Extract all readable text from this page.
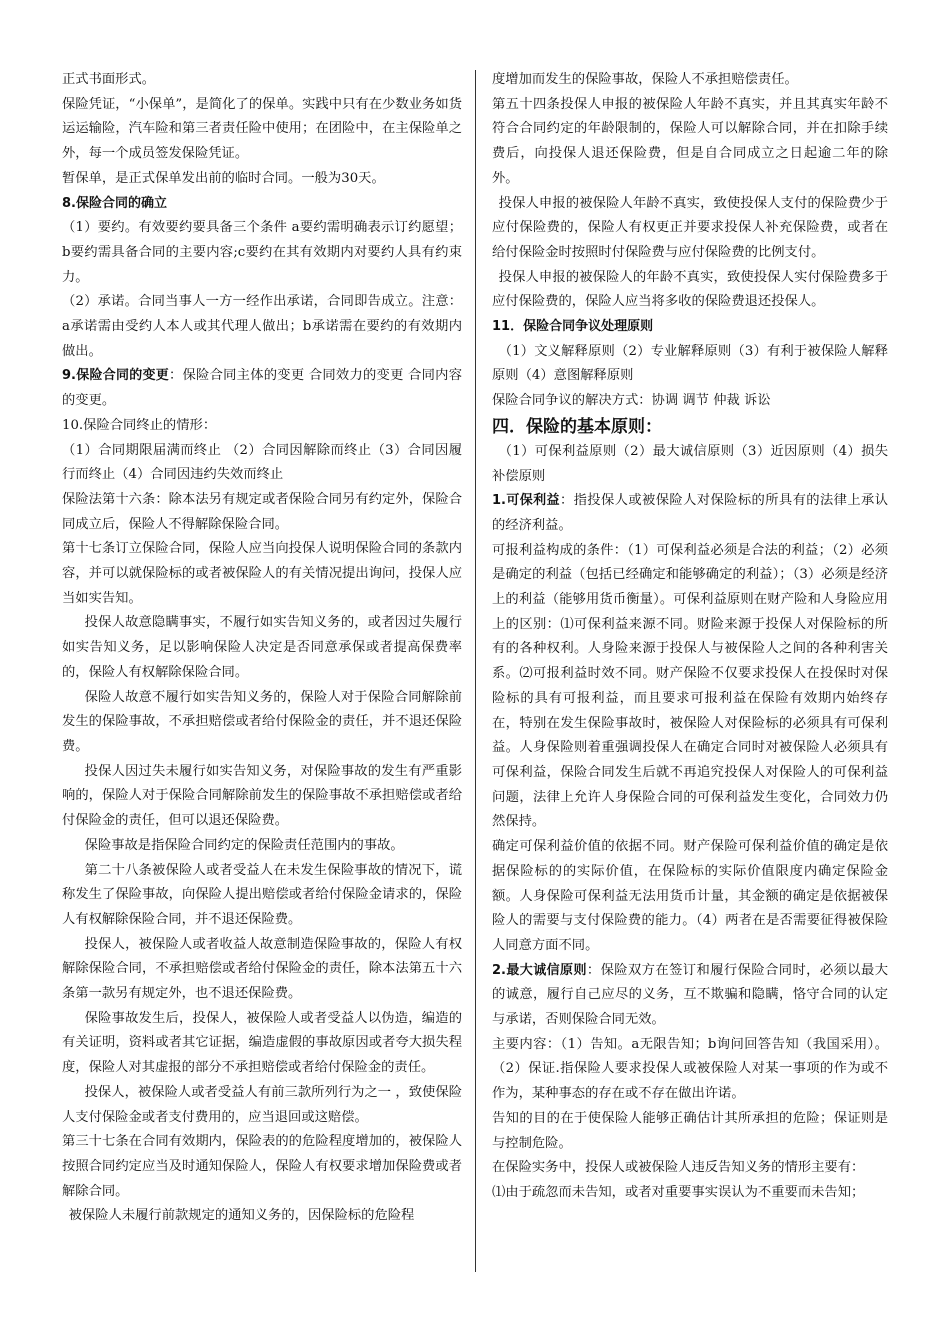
正式书面形式。

保险凭证，“小保单”，是简化了的保单。实践中只有在少数业务如货运运输险，汽车险和第三者责任险中使用；在团险中，在主保险单之外，每一个成员签发保险凭证。

暂保单，是正式保单发出前的临时合同。一般为30天。

8.保险合同的确立

（1）要约。有效要约要具备三个条件 a要约需明确表示订约愿望；b要约需具备合同的主要内容;c要约在其有效期内对要约人具有约束力。

（2）承诺。合同当事人一方一经作出承诺，合同即告成立。注意：a承诺需由受约人本人或其代理人做出；b承诺需在要约的有效期内做出。

9.保险合同的变更：保险合同主体的变更 合同效力的变更 合同内容的变更。

10.保险合同终止的情形：

（1）合同期限届满而终止 （2）合同因解除而终止（3）合同因履行而终止（4）合同因违约失效而终止

保险法第十六条：除本法另有规定或者保险合同另有约定外，保险合同成立后，保险人不得解除保险合同。

第十七条订立保险合同，保险人应当向投保人说明保险合同的条款内容，并可以就保险标的或者被保险人的有关情况提出询问，投保人应当如实告知。

投保人故意隐瞒事实，不履行如实告知义务的，或者因过失履行如实告知义务，足以影响保险人决定是否同意承保或者提高保费率的，保险人有权解除保险合同。

保险人故意不履行如实告知义务的，保险人对于保险合同解除前发生的保险事故，不承担赔偿或者给付保险金的责任，并不退还保险费。

投保人因过失未履行如实告知义务，对保险事故的发生有严重影响的，保险人对于保险合同解除前发生的保险事故不承担赔偿或者给付保险金的责任，但可以退还保险费。

保险事故是指保险合同约定的保险责任范围内的事故。

第二十八条被保险人或者受益人在未发生保险事故的情况下，谎称发生了保险事故，向保险人提出赔偿或者给付保险金请求的，保险人有权解除保险合同，并不退还保险费。

投保人，被保险人或者收益人故意制造保险事故的，保险人有权解除保险合同，不承担赔偿或者给付保险金的责任，除本法第五十六条第一款另有规定外，也不退还保险费。

保险事故发生后，投保人，被保险人或者受益人以伪造，编造的有关证明，资料或者其它证据，编造虚假的事故原因或者夸大损失程度，保险人对其虚报的部分不承担赔偿或者给付保险金的责任。

投保人，被保险人或者受益人有前三款所列行为之一 ，致使保险人支付保险金或者支付费用的，应当退回或这赔偿。

第三十七条在合同有效期内，保险表的的危险程度增加的，被保险人按照合同约定应当及时通知保险人，保险人有权要求增加保险费或者解除合同。

被保险人未履行前款规定的通知义务的，因保险标的危险程

度增加而发生的保险事故，保险人不承担赔偿责任。

第五十四条投保人申报的被保险人年龄不真实，并且其真实年龄不符合合同约定的年龄限制的，保险人可以解除合同，并在扣除手续费后，向投保人退还保险费，但是自合同成立之日起逾二年的除外。

投保人申报的被保险人年龄不真实，致使投保人支付的保险费少于应付保险费的，保险人有权更正并要求投保人补充保险费，或者在给付保险金时按照时付保险费与应付保险费的比例支付。

投保人申报的被保险人的年龄不真实，致使投保人实付保险费多于应付保险费的，保险人应当将多收的保险费退还投保人。

11．保险合同争议处理原则

（1）文义解释原则（2）专业解释原则（3）有利于被保险人解释原则（4）意图解释原则

保险合同争议的解决方式：协调 调节 仲裁 诉讼

四．保险的基本原则：

（1）可保利益原则（2）最大诚信原则（3）近因原则（4）损失补偿原则

1.可保利益：指投保人或被保险人对保险标的所具有的法律上承认的经济利益。

可报利益构成的条件：（1）可保利益必须是合法的利益；（2）必须是确定的利益（包括已经确定和能够确定的利益）；（3）必须是经济上的利益（能够用货币衡量）。可保利益原则在财产险和人身险应用上的区别：⑴可保利益来源不同。财险来源于投保人对保险标的所有的各种权利。人身险来源于投保人与被保险人之间的各种利害关系。⑵可报利益时效不同。财产保险不仅要求投保人在投保时对保险标的具有可报利益，而且要求可报利益在保险有效期内始终存在，特别在发生保险事故时，被保险人对保险标的必须具有可保利益。人身保险则着重强调投保人在确定合同时对被保险人必须具有可保利益，保险合同发生后就不再追究投保人对保险人的可保利益问题，法律上允许人身保险合同的可保利益发生变化，合同效力仍然保持。

确定可保利益价值的依据不同。财产保险可保利益价值的确定是依据保险标的的实际价值，在保险标的实际价值限度内确定保险金额。人身保险可保利益无法用货币计量，其金额的确定是依据被保险人的需要与支付保险费的能力。（4）两者在是否需要征得被保险人同意方面不同。

2.最大诚信原则：保险双方在签订和履行保险合同时，必须以最大的诚意，履行自己应尽的义务，互不欺骗和隐瞒，恪守合同的认定与承诺，否则保险合同无效。

主要内容：（1）告知。a无限告知；b询问回答告知（我国采用）。（2）保证.指保险人要求投保人或被保险人对某一事项的作为或不作为，某种事态的存在或不存在做出许诺。

告知的目的在于使保险人能够正确估计其所承担的危险；保证则是与控制危险。

在保险实务中，投保人或被保险人违反告知义务的情形主要有：

⑴由于疏忽而未告知，或者对重要事实误认为不重要而未告知；
